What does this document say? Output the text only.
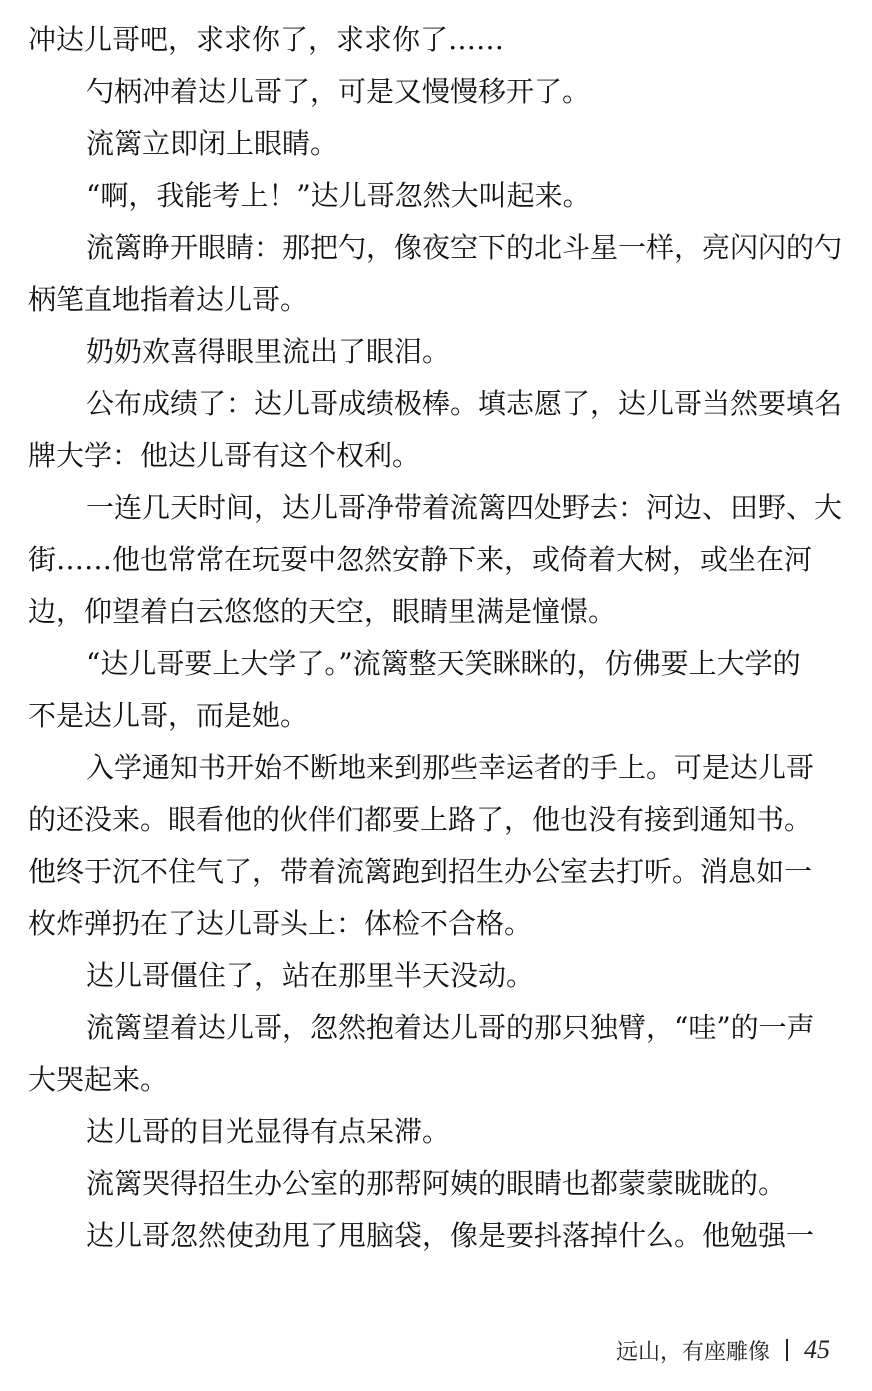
冲达儿哥吧，求求你了，求求你了……
勺柄冲着达儿哥了，可是又慢慢移开了。
流篱立即闭上眼睛。
“啊，我能考上！”达儿哥忽然大叫起来。
流篱睁开眼睛：那把勺，像夜空下的北斗星一样，亮闪闪的勺
柄笔直地指着达儿哥。
奶奶欢喜得眼里流出了眼泪。
公布成绩了：达儿哥成绩极棒。填志愿了，达儿哥当然要填名
牌大学：他达儿哥有这个权利。
一连几天时间，达儿哥净带着流篱四处野去：河边、田野、大
街……他也常常在玩耍中忽然安静下来，或倚着大树，或坐在河
边，仰望着白云悠悠的天空，眼睛里满是憧憬。
“达儿哥要上大学了。”流篱整天笑眯眯的，仿佛要上大学的
不是达儿哥，而是她。
入学通知书开始不断地来到那些幸运者的手上。可是达儿哥
的还没来。眼看他的伙伴们都要上路了，他也没有接到通知书。
他终于沉不住气了，带着流篱跑到招生办公室去打听。消息如一
枚炸弹扔在了达儿哥头上：体检不合格。
达儿哥僵住了，站在那里半天没动。
流篱望着达儿哥，忽然抱着达儿哥的那只独臂，“哇”的一声
大哭起来。
达儿哥的目光显得有点呆滞。
流篱哭得招生办公室的那帮阿姨的眼睛也都蒙蒙眬眬的。
达儿哥忽然使劲甩了甩脑袋，像是要抖落掉什么。他勉强一
远山，有座雕像 45
